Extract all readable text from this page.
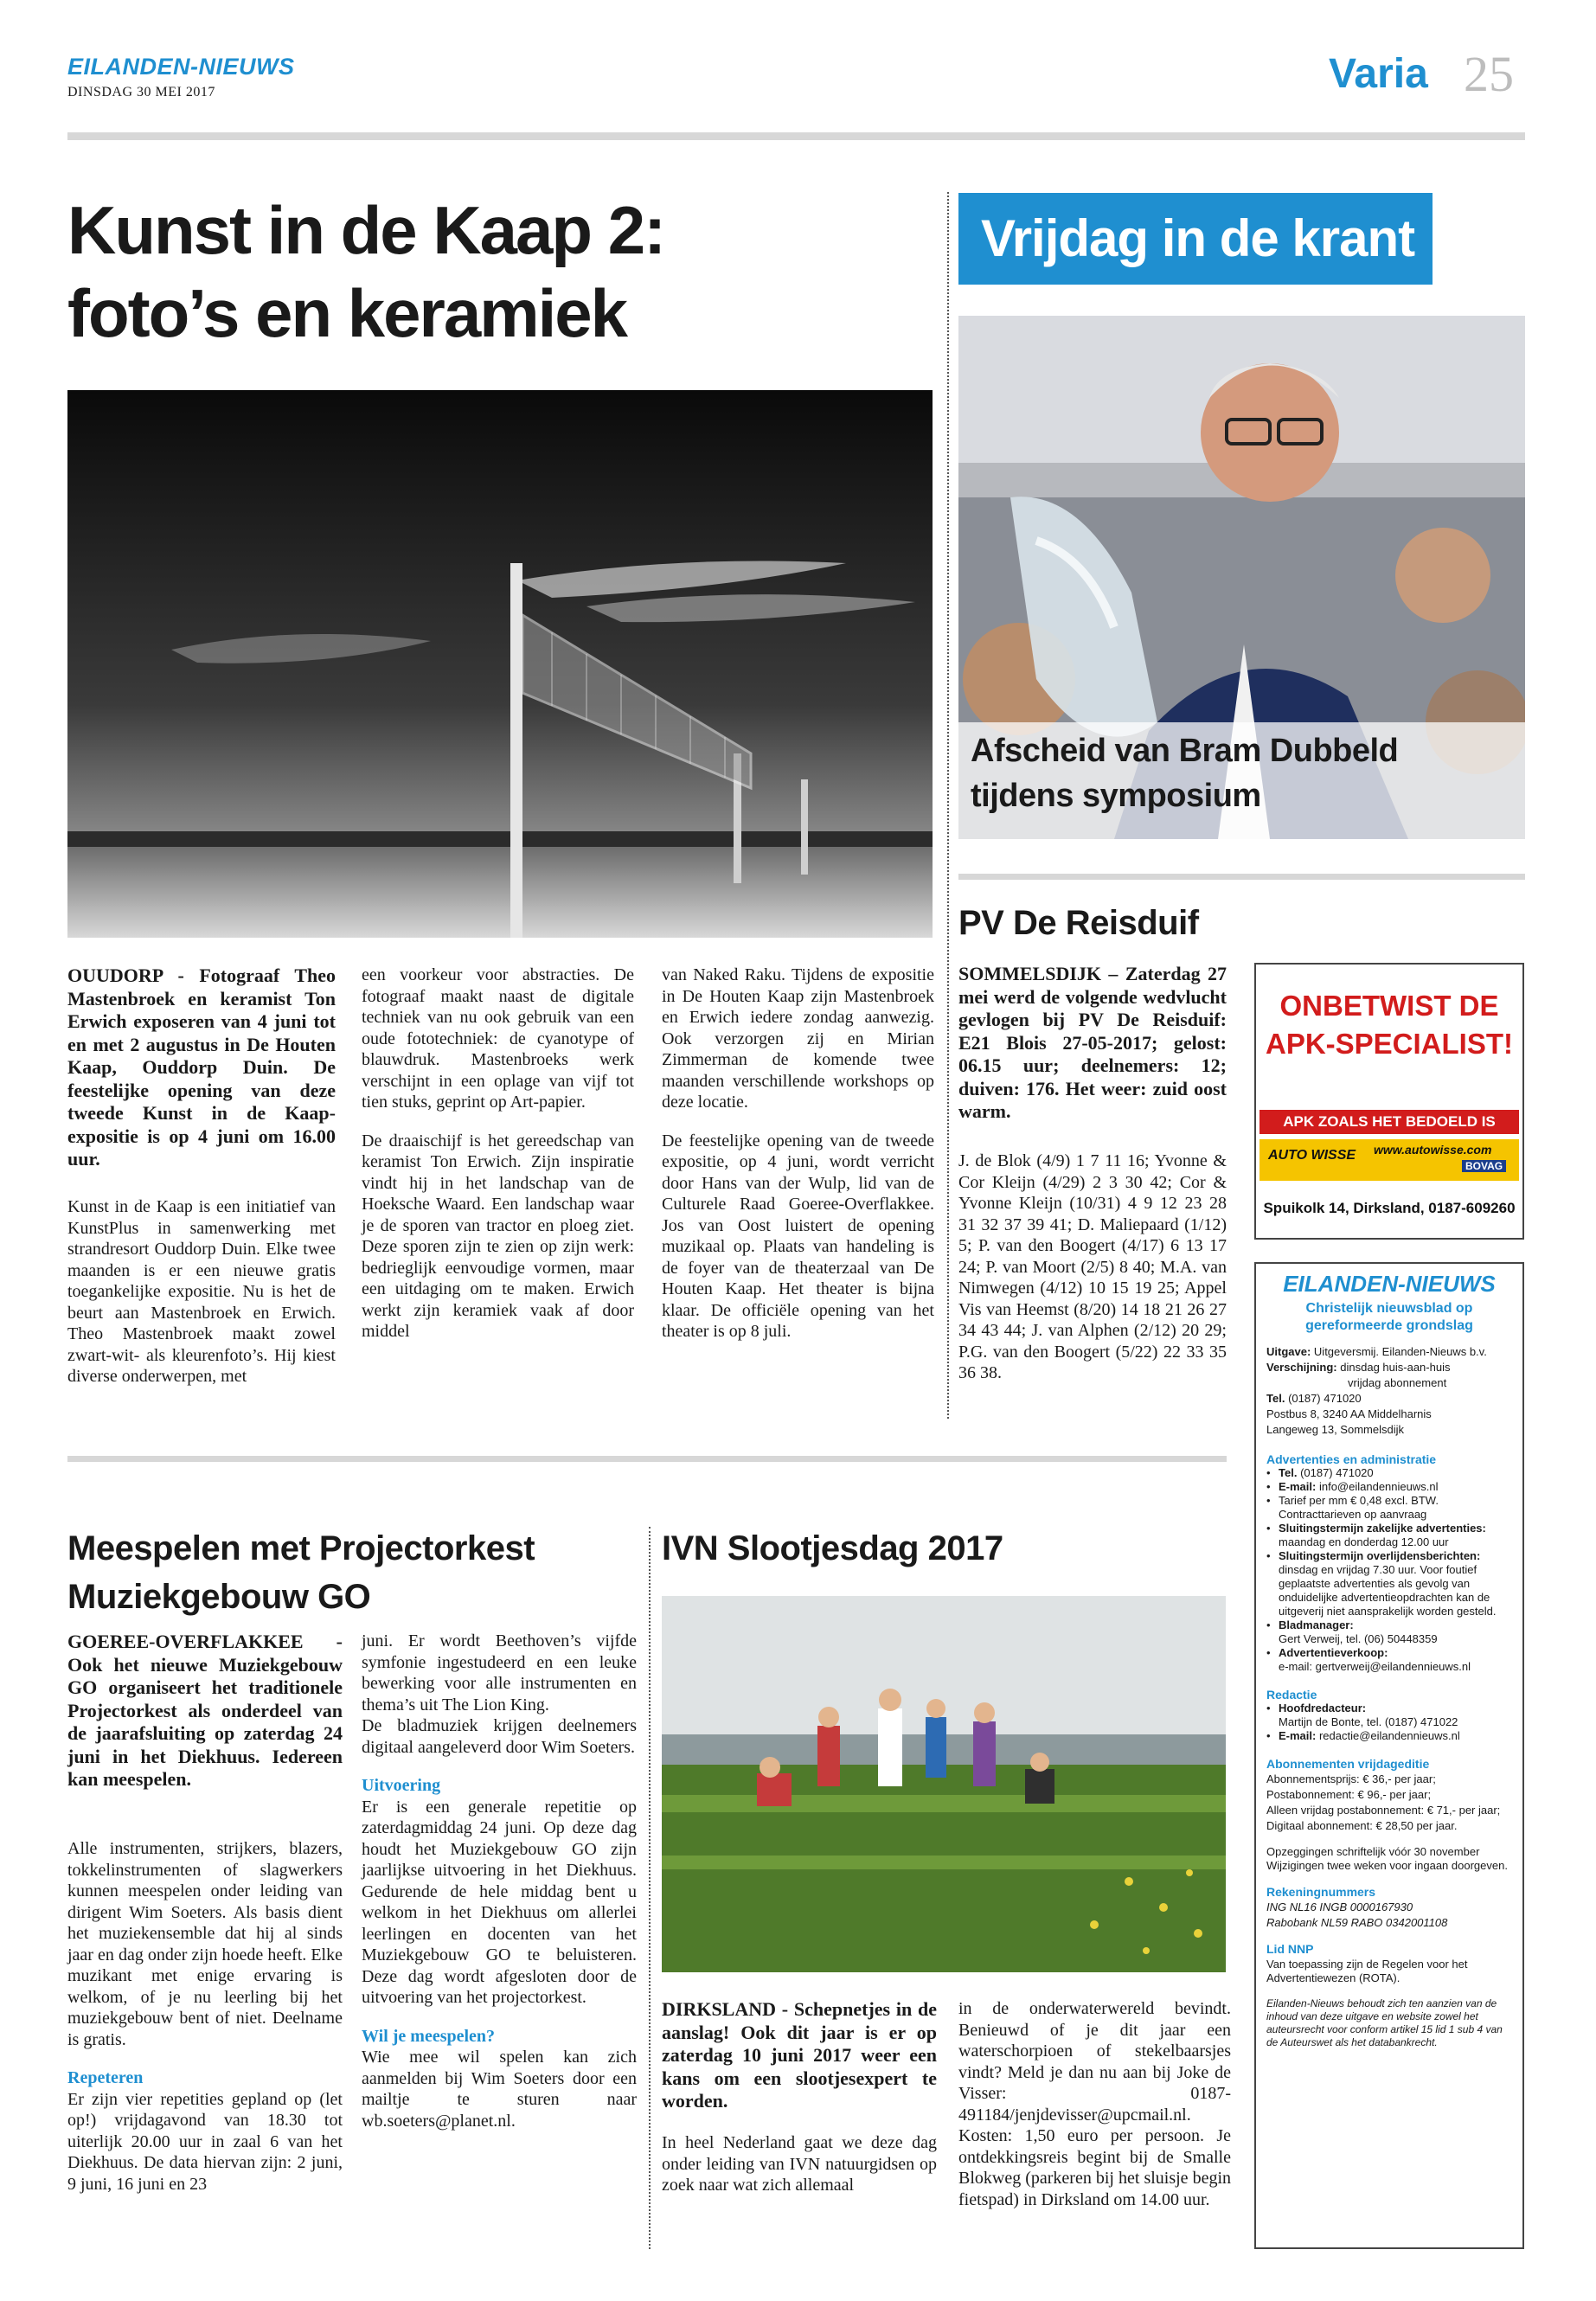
EILANDEN-NIEUWS
DINSDAG 30 MEI 2017	Varia 25
Kunst in de Kaap 2:
foto’s en keramiek
OUUDORP - Fotograaf Theo Mastenbroek en keramist Ton Erwich exposeren van 4 juni tot en met 2 augustus in De Houten Kaap, Ouddorp Duin. De feestelijke opening van deze tweede Kunst in de Kaap-expositie is op 4 juni om 16.00 uur.
Kunst in de Kaap is een initiatief van KunstPlus in samenwerking met strandresort Ouddorp Duin. Elke twee maanden is er een nieuwe gratis toegankelijke expositie. Nu is het de beurt aan Mastenbroek en Erwich. Theo Mastenbroek maakt zowel zwart-wit- als kleurenfoto’s. Hij kiest diverse onderwerpen, met
een voorkeur voor abstracties. De fotograaf maakt naast de digitale techniek van nu ook gebruik van een oude fototechniek: de cyanotype of blauwdruk. Mastenbroeks werk verschijnt in een oplage van vijf tot tien stuks, geprint op Art-papier.
De draaischijf is het gereedschap van keramist Ton Erwich. Zijn inspiratie vindt hij in het landschap van de Hoeksche Waard. Een landschap waar je de sporen van tractor en ploeg ziet. Deze sporen zijn te zien op zijn werk: bedrieglijk eenvoudige vormen, maar een uitdaging om te maken. Erwich werkt zijn keramiek vaak af door middel
van Naked Raku. Tijdens de expositie in De Houten Kaap zijn Mastenbroek en Erwich iedere zondag aanwezig. Ook verzorgen zij en Mirian Zimmerman de komende twee maanden verschillende workshops op deze locatie.
De feestelijke opening van de tweede expositie, op 4 juni, wordt verricht door Hans van der Wulp, lid van de Culturele Raad Goeree-Overflakkee. Jos van Oost luistert de opening muzikaal op. Plaats van handeling is de foyer van de theaterzaal van De Houten Kaap. Het theater is bijna klaar. De officiële opening van het theater is op 8 juli.
Vrijdag in de krant
Afscheid van Bram Dubbeld
tijdens symposium
PV De Reisduif
SOMMELSDIJK – Zaterdag 27 mei werd de volgende wedvlucht gevlogen bij PV De Reisduif: E21 Blois 27-05-2017; gelost: 06.15 uur; deelnemers: 12; duiven: 176. Het weer: zuid oost warm.
J. de Blok (4/9) 1 7 11 16; Yvonne & Cor Kleijn (4/29) 2 3 30 42; Cor & Yvonne Kleijn (10/31) 4 9 12 23 28 31 32 37 39 41; D. Maliepaard (1/12) 5; P. van den Boogert (4/17) 6 13 17 24; P. van Moort (2/5) 8 40; M.A. van Nimwegen (4/12) 10 15 19 25; Appel Vis van Heemst (8/20) 14 18 21 26 27 34 43 44; J. van Alphen (2/12) 20 29; P.G. van den Boogert (5/22) 22 33 35 36 38.
ONBETWIST DE
APK-SPECIALIST!
APK ZOALS HET BEDOELD IS
AUTO WISSE www.autowisse.com
BOVAG
Spuikolk 14, Dirksland, 0187-609260
EILANDEN-NIEUWS
Christelijk nieuwsblad op
gereformeerde grondslag

Uitgave: Uitgeversmij. Eilanden-Nieuws b.v.

Verschijning: dinsdag huis-aan-huis

vrijdag abonnement

Tel. (0187) 471020

Postbus 8, 3240 AA Middelharnis

Langeweg 13, Sommelsdijk

Advertenties en administratie
• Tel. (0187) 471020
• E-mail: info@eilandennieuws.nl
• Tarief per mm € 0,48 excl. BTW. Contracttarieven op aanvraag
• Sluitingstermijn zakelijke advertenties:
maandag en donderdag 12.00 uur
• Sluitingstermijn overlijdensberichten:
dinsdag en vrijdag 7.30 uur. Voor foutief geplaatste advertenties als gevolg van onduidelijke advertentieopdrachten kan de uitgeverij niet aansprakelijk worden gesteld.
• Bladmanager:
Gert Verweij, tel. (06) 50448359
• Advertentieverkoop:
e-mail: gertverweij@eilandennieuws.nl
Redactie
• Hoofdredacteur:
Martijn de Bonte, tel. (0187) 471022
• E-mail: redactie@eilandennieuws.nl
Abonnementen vrijdageditie

Abonnementsprijs: € 36,- per jaar;

Postabonnement: € 96,- per jaar;

Alleen vrijdag postabonnement: € 71,- per jaar;

Digitaal abonnement: € 28,50 per jaar.

Opzeggingen schriftelijk vóór 30 november Wijzigingen twee weken voor ingaan doorgeven.

Rekeningnummers

ING NL16 INGB 0000167930

Rabobank NL59 RABO 0342001108

Lid NNP

Van toepassing zijn de Regelen voor het Advertentiewezen (ROTA).

Eilanden-Nieuws behoudt zich ten aanzien van de inhoud van deze uitgave en website zowel het auteursrecht voor conform artikel 15 lid 1 sub 4 van de Auteurswet als het databankrecht.

Meespelen met Projectorkest
Muziekgebouw GO
GOEREE-OVERFLAKKEE - Ook het nieuwe Muziekgebouw GO organiseert het traditionele Projectorkest als onderdeel van de jaarafsluiting op zaterdag 24 juni in het Diekhuus. Iedereen kan meespelen.
Alle instrumenten, strijkers, blazers, tokkelinstrumenten of slagwerkers kunnen meespelen onder leiding van dirigent Wim Soeters. Als basis dient het muziekensemble dat hij al sinds jaar en dag onder zijn hoede heeft. Elke muzikant met enige ervaring is welkom, of je nu leerling bij het muziekgebouw bent of niet. Deelname is gratis.
Repeteren
Er zijn vier repetities gepland op (let op!) vrijdagavond van 18.30 tot uiterlijk 20.00 uur in zaal 6 van het Diekhuus. De data hiervan zijn: 2 juni, 9 juni, 16 juni en 23
juni. Er wordt Beethoven’s vijfde symfonie ingestudeerd en een leuke bewerking voor alle instrumenten en thema’s uit The Lion King.
De bladmuziek krijgen deelnemers digitaal aangeleverd door Wim Soeters.
Uitvoering
Er is een generale repetitie op zaterdagmiddag 24 juni. Op deze dag houdt het Muziekgebouw GO zijn jaarlijkse uitvoering in het Diekhuus. Gedurende de hele middag bent u welkom in het Diekhuus om allerlei leerlingen en docenten van het Muziekgebouw GO te beluisteren. Deze dag wordt afgesloten door de uitvoering van het projectorkest.
Wil je meespelen?
Wie mee wil spelen kan zich aanmelden bij Wim Soeters door een mailtje te sturen naar wb.soeters@planet.nl.
IVN Slootjesdag 2017
DIRKSLAND - Schepnetjes in de aanslag! Ook dit jaar is er op zaterdag 10 juni 2017 weer een kans om een slootjesexpert te worden.
In heel Nederland gaat we deze dag onder leiding van IVN natuurgidsen op zoek naar wat zich allemaal
in de onderwaterwereld bevindt. Benieuwd of je dit jaar een waterschorpioen of stekelbaarsjes vindt? Meld je dan nu aan bij Joke de Visser: 0187-491184/jenjdevisser@upcmail.nl. Kosten: 1,50 euro per persoon. Je ontdekkingsreis begint bij de Smalle Blokweg (parkeren bij het sluisje begin fietspad) in Dirksland om 14.00 uur.
